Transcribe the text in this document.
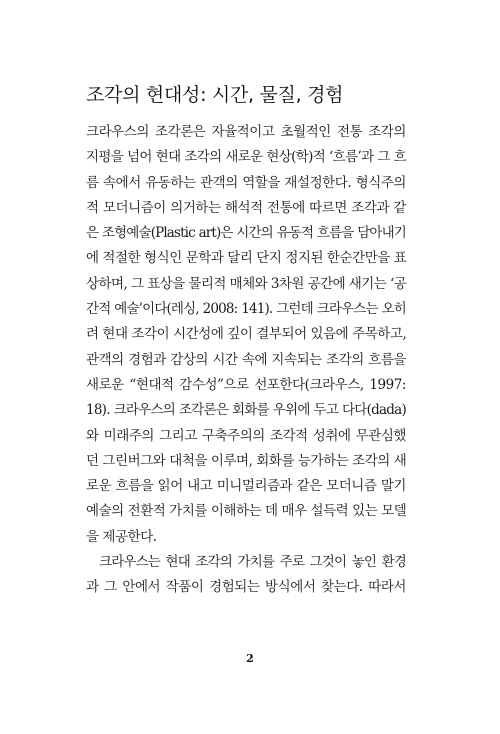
조각의 현대성: 시간, 물질, 경험

크라우스의 조각론은 자율적이고 초월적인 전통 조각의
지평을 넘어 현대 조각의 새로운 현상(학)적 ‘흐름’과 그 흐
름 속에서 유동하는 관객의 역할을 재설정한다. 형식주의
적 모더니즘이 의거하는 해석적 전통에 따르면 조각과 같
은 조형예술(Plastic art)은 시간의 유동적 흐름을 담아내기
에 적절한 형식인 문학과 달리 단지 정지된 한순간만을 표
상하며, 그 표상을 물리적 매체와 3차원 공간에 새기는 ‘공
간적 예술’이다(레싱, 2008: 141). 그런데 크라우스는 오히
려 현대 조각이 시간성에 깊이 결부되어 있음에 주목하고,
관객의 경험과 감상의 시간 속에 지속되는 조각의 흐름을
새로운 “현대적 감수성”으로 선포한다(크라우스, 1997:
18). 크라우스의 조각론은 회화를 우위에 두고 다다(dada)
와 미래주의 그리고 구축주의의 조각적 성취에 무관심했
던 그린버그와 대척을 이루며, 회화를 능가하는 조각의 새
로운 흐름을 읽어 내고 미니멀리즘과 같은 모더니즘 말기
예술의 전환적 가치를 이해하는 데 매우 설득력 있는 모델
을 제공한다.

크라우스는 현대 조각의 가치를 주로 그것이 놓인 환경
과 그 안에서 작품이 경험되는 방식에서 찾는다. 따라서

2
